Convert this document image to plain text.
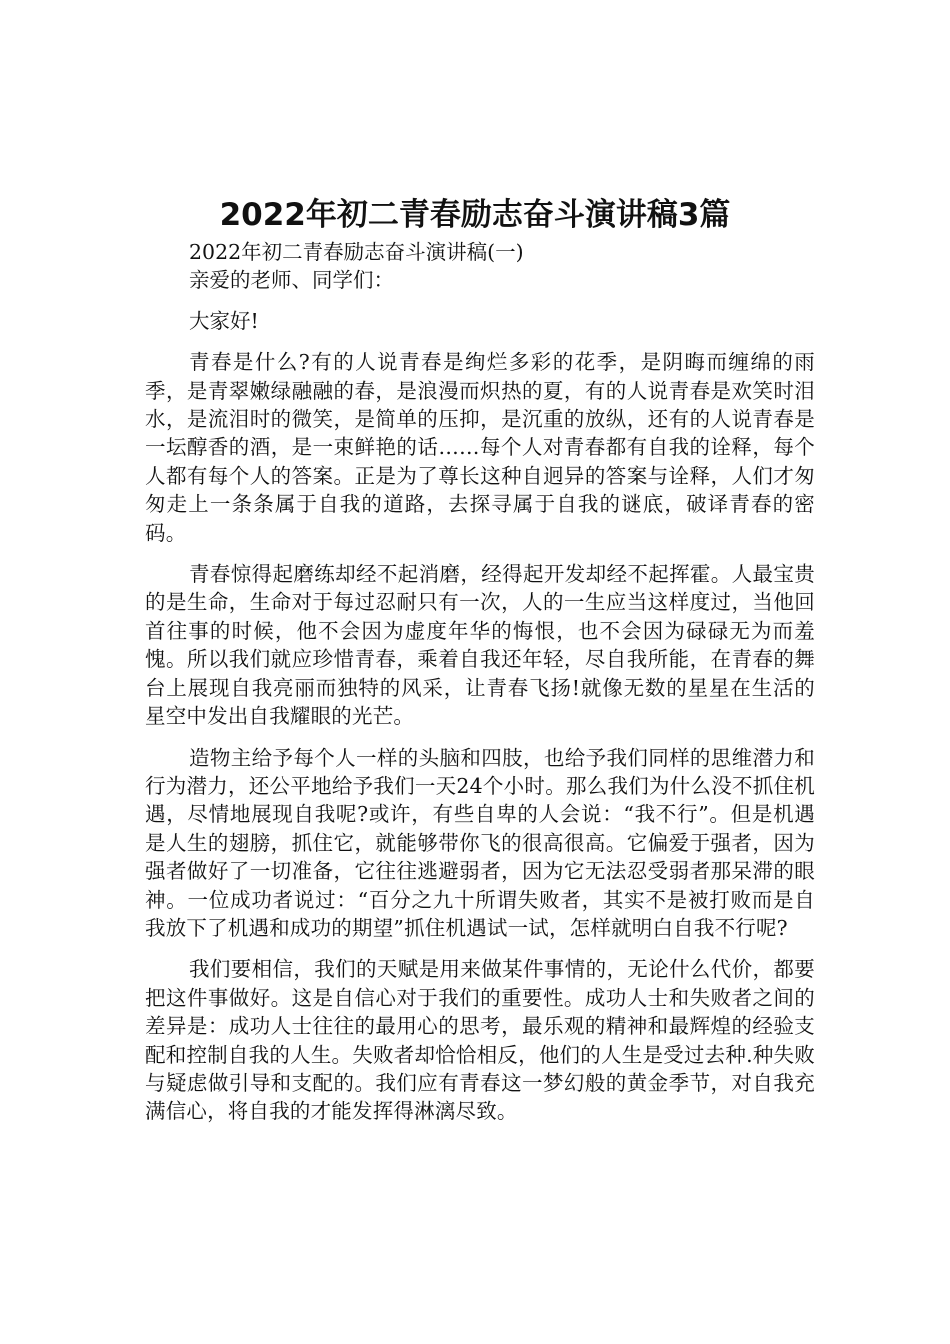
2022年初二青春励志奋斗演讲稿3篇
2022年初二青春励志奋斗演讲稿(一)
亲爱的老师、同学们：

大家好!

青春是什么?有的人说青春是绚烂多彩的花季，是阴晦而缠绵的雨季，是青翠嫩绿融融的春，是浪漫而炽热的夏，有的人说青春是欢笑时泪水，是流泪时的微笑，是简单的压抑，是沉重的放纵，还有的人说青春是一坛醇香的酒，是一束鲜艳的话……每个人对青春都有自我的诠释，每个人都有每个人的答案。正是为了尊长这种自迥异的答案与诠释，人们才匆匆走上一条条属于自我的道路，去探寻属于自我的谜底，破译青春的密码。

青春惊得起磨练却经不起消磨，经得起开发却经不起挥霍。人最宝贵的是生命，生命对于每过忍耐只有一次，人的一生应当这样度过，当他回首往事的时候，他不会因为虚度年华的悔恨，也不会因为碌碌无为而羞愧。所以我们就应珍惜青春，乘着自我还年轻，尽自我所能，在青春的舞台上展现自我亮丽而独特的风采，让青春飞扬!就像无数的星星在生活的星空中发出自我耀眼的光芒。

造物主给予每个人一样的头脑和四肢，也给予我们同样的思维潜力和行为潜力，还公平地给予我们一天24个小时。那么我们为什么没不抓住机遇，尽情地展现自我呢?或许，有些自卑的人会说：“我不行”。但是机遇是人生的翅膀，抓住它，就能够带你飞的很高很高。它偏爱于强者，因为强者做好了一切准备，它往往逃避弱者，因为它无法忍受弱者那呆滞的眼神。一位成功者说过：“百分之九十所谓失败者，其实不是被打败而是自我放下了机遇和成功的期望”抓住机遇试一试，怎样就明白自我不行呢?

我们要相信，我们的天赋是用来做某件事情的，无论什么代价，都要把这件事做好。这是自信心对于我们的重要性。成功人士和失败者之间的差异是：成功人士往往的最用心的思考，最乐观的精神和最辉煌的经验支配和控制自我的人生。失败者却恰恰相反，他们的人生是受过去种.种失败与疑虑做引导和支配的。我们应有青春这一梦幻般的黄金季节，对自我充满信心，将自我的才能发挥得淋漓尽致。
